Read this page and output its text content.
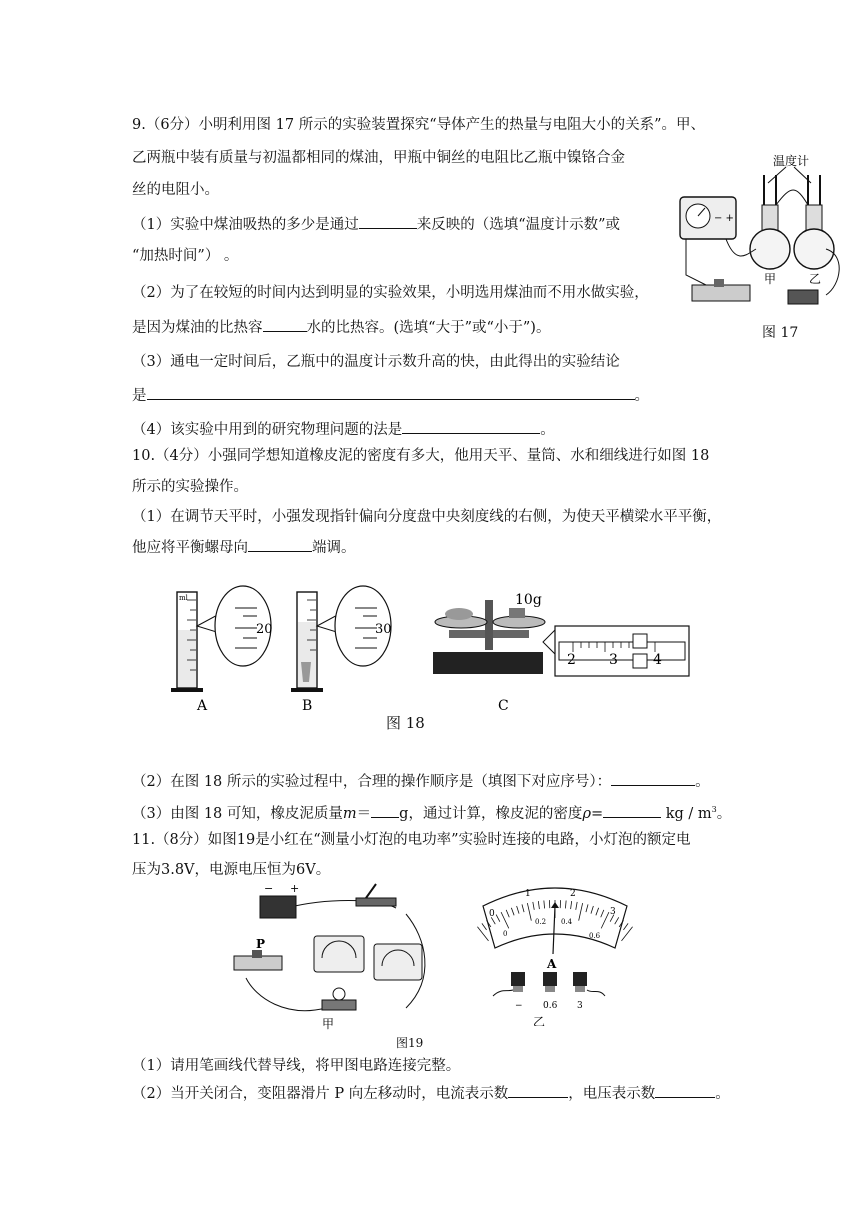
9.（6分）小明利用图 17 所示的实验装置探究“导体产生的热量与电阻大小的关系”。甲、
乙两瓶中装有质量与初温都相同的煤油，甲瓶中铜丝的电阻比乙瓶中镍铬合金
丝的电阻小。
（1）实验中煤油吸热的多少是通过	来反映的（选填“温度计示数”或
“加热时间”） 。
（2）为了在较短的时间内达到明显的实验效果，小明选用煤油而不用水做实验，
是因为煤油的比热容	水的比热容。(选填“大于”或“小于”)。
（3）通电一定时间后，乙瓶中的温度计示数升高的快，由此得出的实验结论
是	。
（4）该实验中用到的研究物理问题的法是	。
温度计
− +
甲	乙
图 17
10.（4分）小强同学想知道橡皮泥的密度有多大，他用天平、量筒、水和细线进行如图 18
所示的实验操作。
（1）在调节天平时，小强发现指针偏向分度盘中央刻度线的右侧，为使天平横梁水平平衡，
他应将平衡螺母向	端调。
ml
20
A
30
B
10g
2 3	4
C
图 18
（2）在图 18 所示的实验过程中，合理的操作顺序是（填图下对应序号）：	。
（3）由图 18 可知，橡皮泥质量m＝ g，通过计算，橡皮泥的密度ρ=	kg / $m^3$。
11.（8分）如图19是小红在“测量小灯泡的电功率”实验时连接的电路，小灯泡的额定电
压为3.8V，电源电压恒为6V。
− +
P
甲
图19
0
1	2
3
0
0.2 0.4
0.6
A
− 0.6 3
乙
（1）请用笔画线代替导线，将甲图电路连接完整。
（2）当开关闭合，变阻器滑片 P 向左移动时，电流表示数	，电压表示数	。
